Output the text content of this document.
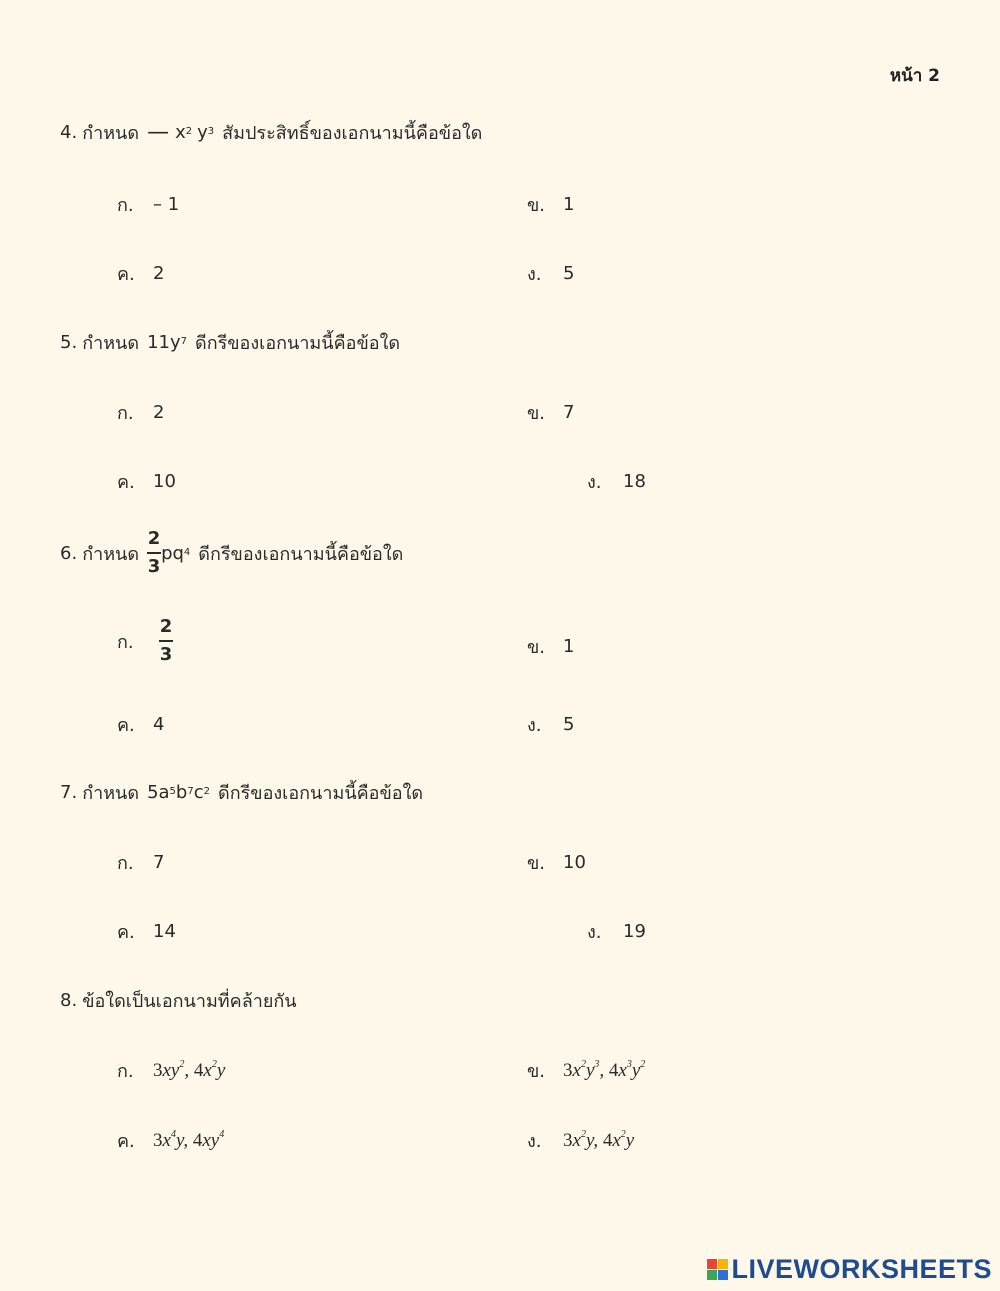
หน้า 2
4. กำหนด — $x^2$ $y^3$ สัมประสิทธิ์ของเอกนามนี้คือข้อใด
ก.	– 1	ข. 1
ค.	2	ง.	5
5. กำหนด $11y^7$ ดีกรีของเอกนามนี้คือข้อใด
ก.	2	ข. 7
ค.	10	ง.	18
6. กำหนด $\frac{2}{3} pq^4$ ดีกรีของเอกนามนี้คือข้อใด
ก.	$\frac{2}{3}$	ข. 1
ค.	4	ง.	5
7. กำหนด $5a^5$ $b^7$ $c^2$ ดีกรีของเอกนามนี้คือข้อใด
ก.	7	ข. 10
ค.	14	ง.	19
8. ข้อใดเป็นเอกนามที่คล้ายกัน
ก.	$3xy^2$, $4x^2y$	ข. $3x^2y^3$, $4x^3y^2$
ค. $3x^4y$, $4xy^4$	ง.	$3x^2y$, $4x^2y$
LIVEWORKSHEETS
